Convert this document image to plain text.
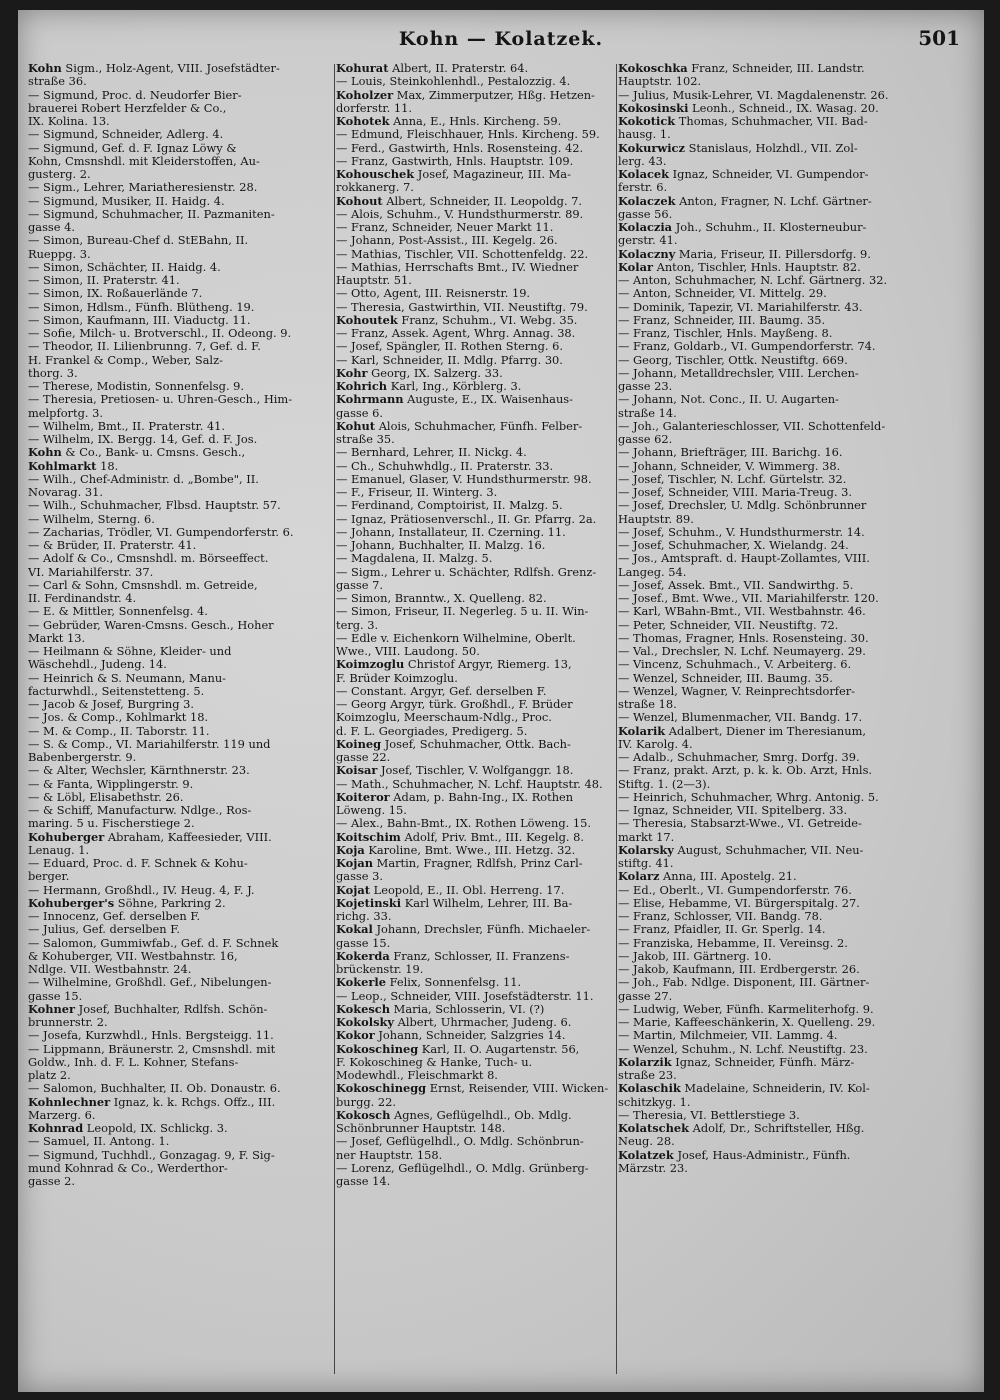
Kohn — Kolatzek.	501
Kohn Sigm., Holz-Agent, VIII. Josefstädter-
straße 36.
— Sigmund, Proc. d. Neudorfer Bier-
brauerei Robert Herzfelder & Co.,
IX. Kolina. 13.
— Sigmund, Schneider, Adlerg. 4.
— Sigmund, Gef. d. F. Ignaz Löwy &
Kohn, Cmsnshdl. mit Kleiderstoffen, Au-
gusterg. 2.
— Sigm., Lehrer, Mariatheresienstr. 28.
— Sigmund, Musiker, II. Haidg. 4.
— Sigmund, Schuhmacher, II. Pazmaniten-
gasse 4.
— Simon, Bureau-Chef d. StEBahn, II.
Rueppg. 3.
— Simon, Schächter, II. Haidg. 4.
— Simon, II. Praterstr. 41.
— Simon, IX. Roßauerlände 7.
— Simon, Hdlsm., Fünfh. Blütheng. 19.
— Simon, Kaufmann, III. Viaductg. 11.
— Sofie, Milch- u. Brotverschl., II. Odeong. 9.
— Theodor, II. Lilienbrunng. 7, Gef. d. F.
H. Frankel & Comp., Weber, Salz-
thorg. 3.
— Therese, Modistin, Sonnenfelsg. 9.
— Theresia, Pretiosen- u. Uhren-Gesch., Him-
melpfortg. 3.
— Wilhelm, Bmt., II. Praterstr. 41.
— Wilhelm, IX. Bergg. 14, Gef. d. F. Jos.
Kohn & Co., Bank- u. Cmsns. Gesch.,
Kohlmarkt 18.
— Wilh., Chef-Administr. d. „Bombe", II.
Novarag. 31.
— Wilh., Schuhmacher, Flbsd. Hauptstr. 57.
— Wilhelm, Sterng. 6.
— Zacharias, Trödler, VI. Gumpendorferstr. 6.
— & Brüder, II. Praterstr. 41.
— Adolf & Co., Cmsnshdl. m. Börseeffect.
VI. Mariahilferstr. 37.
— Carl & Sohn, Cmsnshdl. m. Getreide,
II. Ferdinandstr. 4.
— E. & Mittler, Sonnenfelsg. 4.
— Gebrüder, Waren-Cmsns. Gesch., Hoher
Markt 13.
— Heilmann & Söhne, Kleider- und
Wäschehdl., Judeng. 14.
— Heinrich & S. Neumann, Manu-
facturwhdl., Seitenstetteng. 5.
— Jacob & Josef, Burgring 3.
— Jos. & Comp., Kohlmarkt 18.
— M. & Comp., II. Taborstr. 11.
— S. & Comp., VI. Mariahilferstr. 119 und
Babenbergerstr. 9.
— & Alter, Wechsler, Kärnthnerstr. 23.
— & Fanta, Wipplingerstr. 9.
— & Löbl, Elisabethstr. 26.
— & Schiff, Manufacturw. Ndlge., Ros-
maring. 5 u. Fischerstiege 2.
Kohuberger Abraham, Kaffeesieder, VIII.
Lenaug. 1.
— Eduard, Proc. d. F. Schnek & Kohu-
berger.
— Hermann, Großhdl., IV. Heug. 4, F. J.
Kohuberger's Söhne, Parkring 2.
— Innocenz, Gef. derselben F.
— Julius, Gef. derselben F.
— Salomon, Gummiwfab., Gef. d. F. Schnek
& Kohuberger, VII. Westbahnstr. 16,
Ndlge. VII. Westbahnstr. 24.
— Wilhelmine, Großhdl. Gef., Nibelungen-
gasse 15.
Kohner Josef, Buchhalter, Rdlfsh. Schön-
brunnerstr. 2.
— Josefa, Kurzwhdl., Hnls. Bergsteigg. 11.
— Lippmann, Bräunerstr. 2, Cmsnshdl. mit
Goldw., Inh. d. F. L. Kohner, Stefans-
platz 2.
— Salomon, Buchhalter, II. Ob. Donaustr. 6.
Kohnlechner Ignaz, k. k. Rchgs. Offz., III.
Marzerg. 6.
Kohnrad Leopold, IX. Schlickg. 3.
— Samuel, II. Antong. 1.
— Sigmund, Tuchhdl., Gonzagag. 9, F. Sig-
mund Kohnrad & Co., Werderthor-
gasse 2.
Kohurat Albert, II. Praterstr. 64.
— Louis, Steinkohlenhdl., Pestalozzig. 4.
Koholzer Max, Zimmerputzer, Hßg. Hetzen-
dorferstr. 11.
Kohotek Anna, E., Hnls. Kircheng. 59.
— Edmund, Fleischhauer, Hnls. Kircheng. 59.
— Ferd., Gastwirth, Hnls. Rosensteing. 42.
— Franz, Gastwirth, Hnls. Hauptstr. 109.
Kohouschek Josef, Magazineur, III. Ma-
rokkanerg. 7.
Kohout Albert, Schneider, II. Leopoldg. 7.
— Alois, Schuhm., V. Hundsthurmerstr. 89.
— Franz, Schneider, Neuer Markt 11.
— Johann, Post-Assist., III. Kegelg. 26.
— Mathias, Tischler, VII. Schottenfeldg. 22.
— Mathias, Herrschafts Bmt., IV. Wiedner
Hauptstr. 51.
— Otto, Agent, III. Reisnerstr. 19.
— Theresia, Gastwirthin, VII. Neustiftg. 79.
Kohoutek Franz, Schuhm., VI. Webg. 35.
— Franz, Assek. Agent, Whrg. Annag. 38.
— Josef, Spängler, II. Rothen Sterng. 6.
— Karl, Schneider, II. Mdlg. Pfarrg. 30.
Kohr Georg, IX. Salzerg. 33.
Kohrich Karl, Ing., Körblerg. 3.
Kohrmann Auguste, E., IX. Waisenhaus-
gasse 6.
Kohut Alois, Schuhmacher, Fünfh. Felber-
straße 35.
— Bernhard, Lehrer, II. Nickg. 4.
— Ch., Schuhwhdlg., II. Praterstr. 33.
— Emanuel, Glaser, V. Hundsthurmerstr. 98.
— F., Friseur, II. Winterg. 3.
— Ferdinand, Comptoirist, II. Malzg. 5.
— Ignaz, Prätiosenverschl., II. Gr. Pfarrg. 2a.
— Johann, Installateur, II. Czerning. 11.
— Johann, Buchhalter, II. Malzg. 16.
— Magdalena, II. Malzg. 5.
— Sigm., Lehrer u. Schächter, Rdlfsh. Grenz-
gasse 7.
— Simon, Branntw., X. Quelleng. 82.
— Simon, Friseur, II. Negerleg. 5 u. II. Win-
terg. 3.
— Edle v. Eichenkorn Wilhelmine, Oberlt.
Wwe., VIII. Laudong. 50.
Koimzoglu Christof Argyr, Riemerg. 13,
F. Brüder Koimzoglu.
— Constant. Argyr, Gef. derselben F.
— Georg Argyr, türk. Großhdl., F. Brüder
Koimzoglu, Meerschaum-Ndlg., Proc.
d. F. L. Georgiades, Predigerg. 5.
Koineg Josef, Schuhmacher, Ottk. Bach-
gasse 22.
Koisar Josef, Tischler, V. Wolfganggr. 18.
— Math., Schuhmacher, N. Lchf. Hauptstr. 48.
Koiteror Adam, p. Bahn-Ing., IX. Rothen
Löweng. 15.
— Alex., Bahn-Bmt., IX. Rothen Löweng. 15.
Koitschim Adolf, Priv. Bmt., III. Kegelg. 8.
Koja Karoline, Bmt. Wwe., III. Hetzg. 32.
Kojan Martin, Fragner, Rdlfsh, Prinz Carl-
gasse 3.
Kojat Leopold, E., II. Obl. Herreng. 17.
Kojetinski Karl Wilhelm, Lehrer, III. Ba-
richg. 33.
Kokal Johann, Drechsler, Fünfh. Michaeler-
gasse 15.
Kokerda Franz, Schlosser, II. Franzens-
brückenstr. 19.
Kokerle Felix, Sonnenfelsg. 11.
— Leop., Schneider, VIII. Josefstädterstr. 11.
Kokesch Maria, Schlosserin, VI. (?)
Kokolsky Albert, Uhrmacher, Judeng. 6.
Kokor Johann, Schneider, Salzgries 14.
Kokoschineg Karl, II. O. Augartenstr. 56,
F. Kokoschineg & Hanke, Tuch- u.
Modewhdl., Fleischmarkt 8.
Kokoschinegg Ernst, Reisender, VIII. Wicken-
burgg. 22.
Kokosch Agnes, Geflügelhdl., Ob. Mdlg.
Schönbrunner Hauptstr. 148.
— Josef, Geflügelhdl., O. Mdlg. Schönbrun-
ner Hauptstr. 158.
— Lorenz, Geflügelhdl., O. Mdlg. Grünberg-
gasse 14.
Kokoschka Franz, Schneider, III. Landstr.
Hauptstr. 102.
— Julius, Musik-Lehrer, VI. Magdalenenstr. 26.
Kokosinski Leonh., Schneid., IX. Wasag. 20.
Kokotick Thomas, Schuhmacher, VII. Bad-
hausg. 1.
Kokurwicz Stanislaus, Holzhdl., VII. Zol-
lerg. 43.
Kolacek Ignaz, Schneider, VI. Gumpendor-
ferstr. 6.
Kolaczek Anton, Fragner, N. Lchf. Gärtner-
gasse 56.
Kolaczia Joh., Schuhm., II. Klosterneubur-
gerstr. 41.
Kolaczny Maria, Friseur, II. Pillersdorfg. 9.
Kolar Anton, Tischler, Hnls. Hauptstr. 82.
— Anton, Schuhmacher, N. Lchf. Gärtnerg. 32.
— Anton, Schneider, VI. Mittelg. 29.
— Dominik, Tapezir, VI. Mariahilferstr. 43.
— Franz, Schneider, III. Baumg. 35.
— Franz, Tischler, Hnls. Mayßeng. 8.
— Franz, Goldarb., VI. Gumpendorferstr. 74.
— Georg, Tischler, Ottk. Neustiftg. 669.
— Johann, Metalldrechsler, VIII. Lerchen-
gasse 23.
— Johann, Not. Conc., II. U. Augarten-
straße 14.
— Joh., Galanterieschlosser, VII. Schottenfeld-
gasse 62.
— Johann, Briefträger, III. Barichg. 16.
— Johann, Schneider, V. Wimmerg. 38.
— Josef, Tischler, N. Lchf. Gürtelstr. 32.
— Josef, Schneider, VIII. Maria-Treug. 3.
— Josef, Drechsler, U. Mdlg. Schönbrunner
Hauptstr. 89.
— Josef, Schuhm., V. Hundsthurmerstr. 14.
— Josef, Schuhmacher, X. Wielandg. 24.
— Jos., Amtspraft. d. Haupt-Zollamtes, VIII.
Langeg. 54.
— Josef, Assek. Bmt., VII. Sandwirthg. 5.
— Josef., Bmt. Wwe., VII. Mariahilferstr. 120.
— Karl, WBahn-Bmt., VII. Westbahnstr. 46.
— Peter, Schneider, VII. Neustiftg. 72.
— Thomas, Fragner, Hnls. Rosensteing. 30.
— Val., Drechsler, N. Lchf. Neumayerg. 29.
— Vincenz, Schuhmach., V. Arbeiterg. 6.
— Wenzel, Schneider, III. Baumg. 35.
— Wenzel, Wagner, V. Reinprechtsdorfer-
straße 18.
— Wenzel, Blumenmacher, VII. Bandg. 17.
Kolarik Adalbert, Diener im Theresianum,
IV. Karolg. 4.
— Adalb., Schuhmacher, Smrg. Dorfg. 39.
— Franz, prakt. Arzt, p. k. k. Ob. Arzt, Hnls.
Stiftg. 1. (2—3).
— Heinrich, Schuhmacher, Whrg. Antonig. 5.
— Ignaz, Schneider, VII. Spitelberg. 33.
— Theresia, Stabsarzt-Wwe., VI. Getreide-
markt 17.
Kolarsky August, Schuhmacher, VII. Neu-
stiftg. 41.
Kolarz Anna, III. Apostelg. 21.
— Ed., Oberlt., VI. Gumpendorferstr. 76.
— Elise, Hebamme, VI. Bürgerspitalg. 27.
— Franz, Schlosser, VII. Bandg. 78.
— Franz, Pfaidler, II. Gr. Sperlg. 14.
— Franziska, Hebamme, II. Vereinsg. 2.
— Jakob, III. Gärtnerg. 10.
— Jakob, Kaufmann, III. Erdbergerstr. 26.
— Joh., Fab. Ndlge. Disponent, III. Gärtner-
gasse 27.
— Ludwig, Weber, Fünfh. Karmeliterhofg. 9.
— Marie, Kaffeeschänkerin, X. Quelleng. 29.
— Martin, Milchmeier, VII. Lammg. 4.
— Wenzel, Schuhm., N. Lchf. Neustiftg. 23.
Kolarzik Ignaz, Schneider, Fünfh. März-
straße 23.
Kolaschik Madelaine, Schneiderin, IV. Kol-
schitzkyg. 1.
— Theresia, VI. Bettlerstiege 3.
Kolatschek Adolf, Dr., Schriftsteller, Hßg.
Neug. 28.
Kolatzek Josef, Haus-Administr., Fünfh.
Märzstr. 23.
